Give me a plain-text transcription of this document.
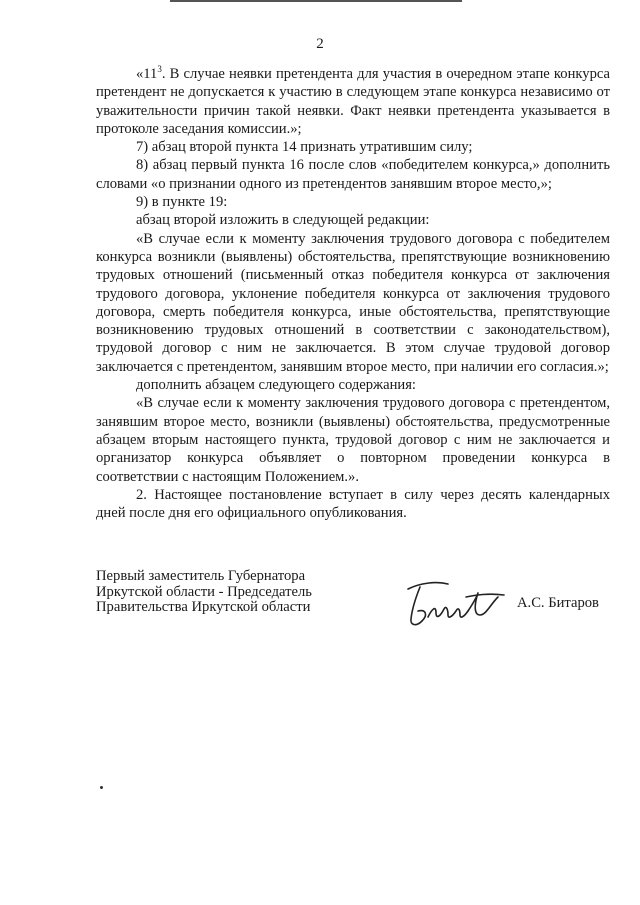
2

«$11^3$. В случае неявки претендента для участия в очередном этапе конкурса претендент не допускается к участию в следующем этапе конкурса независимо от уважительности причин такой неявки. Факт неявки претендента указывается в протоколе заседания комиссии.»;

7) абзац второй пункта 14 признать утратившим силу;

8) абзац первый пункта 16 после слов «победителем конкурса,» дополнить словами «о признании одного из претендентов занявшим второе место,»;

9) в пункте 19:

абзац второй изложить в следующей редакции:

«В случае если к моменту заключения трудового договора с победителем конкурса возникли (выявлены) обстоятельства, препятствующие возникновению трудовых отношений (письменный отказ победителя конкурса от заключения трудового договора, уклонение победителя конкурса от заключения трудового договора, смерть победителя конкурса, иные обстоятельства, препятствующие возникновению трудовых отношений в соответствии с законодательством), трудовой договор с ним не заключается. В этом случае трудовой договор заключается с претендентом, занявшим второе место, при наличии его согласия.»;

дополнить абзацем следующего содержания:

«В случае если к моменту заключения трудового договора с претендентом, занявшим второе место, возникли (выявлены) обстоятельства, предусмотренные абзацем вторым настоящего пункта, трудовой договор с ним не заключается и организатор конкурса объявляет о повторном проведении конкурса в соответствии с настоящим Положением.».

2. Настоящее постановление вступает в силу через десять календарных дней после дня его официального опубликования.

Первый заместитель Губернатора
Иркутской области - Председатель
Правительства Иркутской области	А.С. Битаров
